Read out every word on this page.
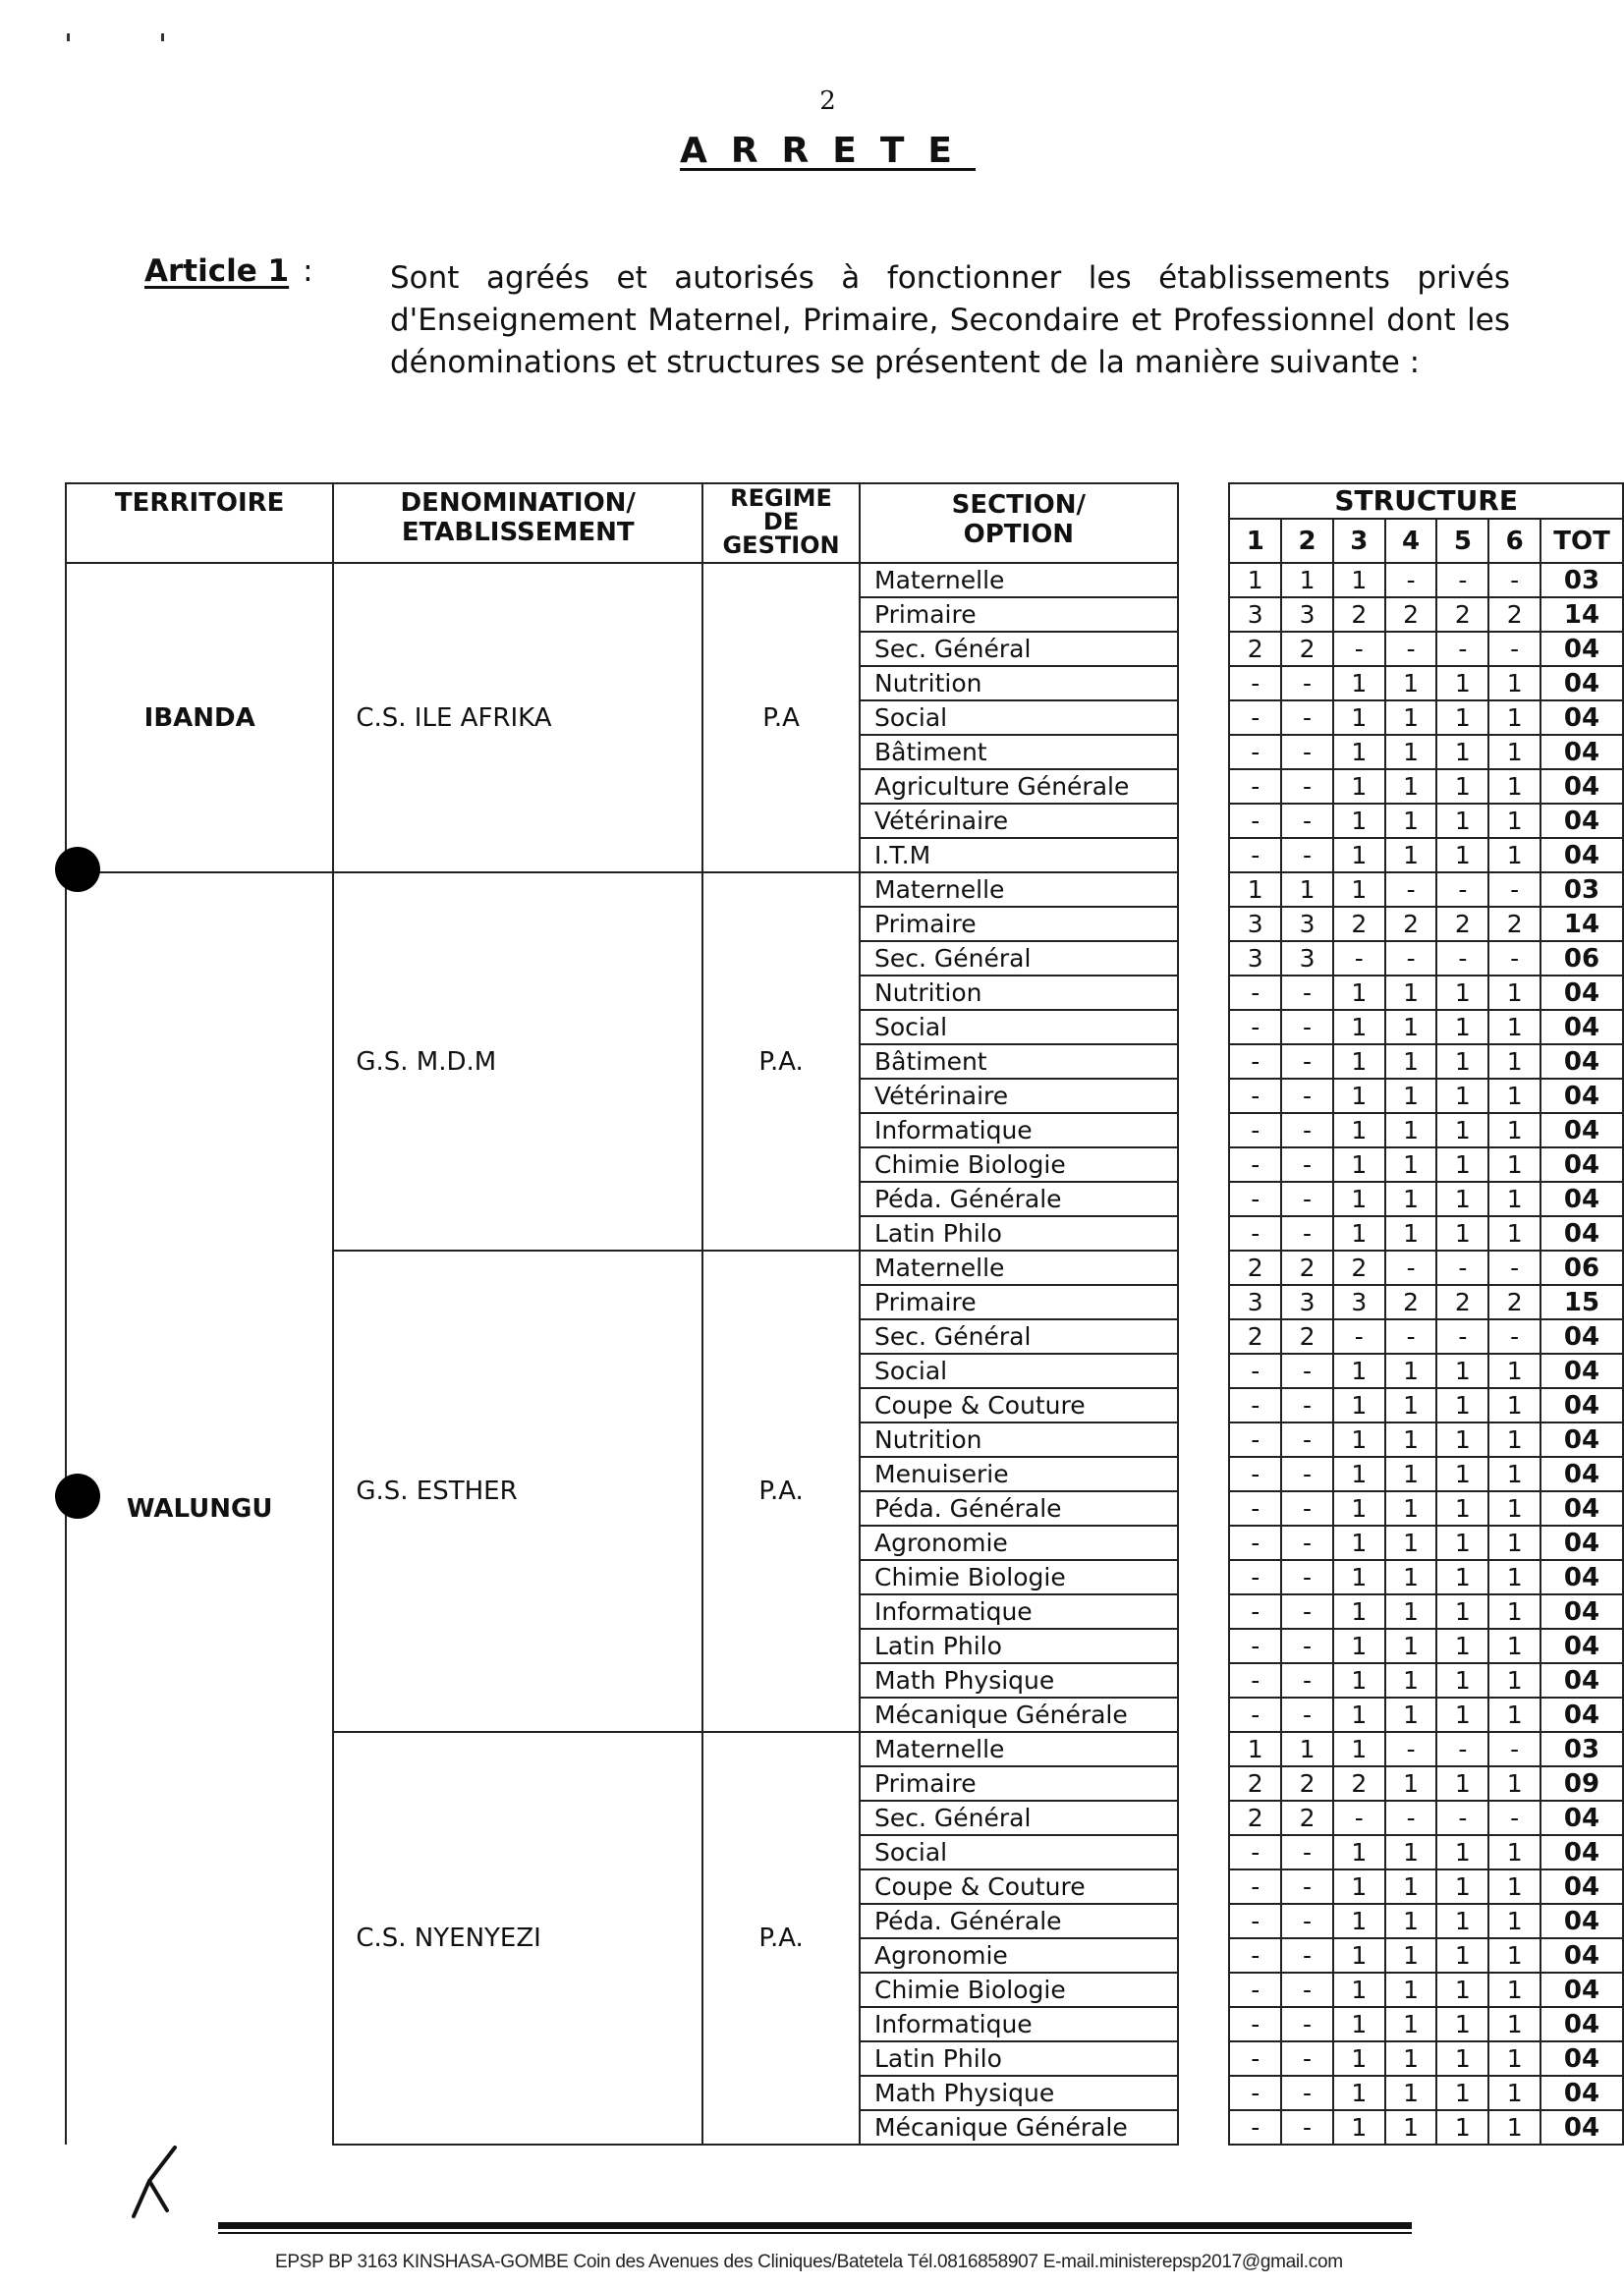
2
ARRETE
Article 1 :	Sont agréés et autorisés à fonctionner les établissements privés d'Enseignement Maternel, Primaire, Secondaire et Professionnel dont les dénominations et structures se présentent de la manière suivante :
TERRITOIRE	DENOMINATION/ ETABLISSEMENT	REGIME DE GESTION	SECTION/ OPTION		STRUCTURE						
					1	2	3	4	5	6	TOT
IBANDA	C.S. ILE AFRIKA	P.A	Maternelle		1	1	1	-	-	-	03
			Primaire		3	3	2	2	2	2	14
			Sec. Général		2	2	-	-	-	-	04
			Nutrition		-	-	1	1	1	1	04
			Social		-	-	1	1	1	1	04
			Bâtiment		-	-	1	1	1	1	04
			Agriculture Générale		-	-	1	1	1	1	04
			Vétérinaire		-	-	1	1	1	1	04
			I.T.M		-	-	1	1	1	1	04
WALUNGU	G.S. M.D.M	P.A.	Maternelle		1	1	1	-	-	-	03
			Primaire		3	3	2	2	2	2	14
			Sec. Général		3	3	-	-	-	-	06
			Nutrition		-	-	1	1	1	1	04
			Social		-	-	1	1	1	1	04
			Bâtiment		-	-	1	1	1	1	04
			Vétérinaire		-	-	1	1	1	1	04
			Informatique		-	-	1	1	1	1	04
			Chimie Biologie		-	-	1	1	1	1	04
			Péda. Générale		-	-	1	1	1	1	04
			Latin Philo		-	-	1	1	1	1	04
	G.S. ESTHER	P.A.	Maternelle		2	2	2	-	-	-	06
			Primaire		3	3	3	2	2	2	15
			Sec. Général		2	2	-	-	-	-	04
			Social		-	-	1	1	1	1	04
			Coupe & Couture		-	-	1	1	1	1	04
			Nutrition		-	-	1	1	1	1	04
			Menuiserie		-	-	1	1	1	1	04
			Péda. Générale		-	-	1	1	1	1	04
			Agronomie		-	-	1	1	1	1	04
			Chimie Biologie		-	-	1	1	1	1	04
			Informatique		-	-	1	1	1	1	04
			Latin Philo		-	-	1	1	1	1	04
			Math Physique		-	-	1	1	1	1	04
			Mécanique Générale		-	-	1	1	1	1	04
	C.S. NYENYEZI	P.A.	Maternelle		1	1	1	-	-	-	03
			Primaire		2	2	2	1	1	1	09
			Sec. Général		2	2	-	-	-	-	04
			Social		-	-	1	1	1	1	04
			Coupe & Couture		-	-	1	1	1	1	04
			Péda. Générale		-	-	1	1	1	1	04
			Agronomie		-	-	1	1	1	1	04
			Chimie Biologie		-	-	1	1	1	1	04
			Informatique		-	-	1	1	1	1	04
			Latin Philo		-	-	1	1	1	1	04
			Math Physique		-	-	1	1	1	1	04
			Mécanique Générale		-	-	1	1	1	1	04
EPSP BP 3163 KINSHASA-GOMBE Coin des Avenues des Cliniques/Batetela Tél.0816858907 E-mail.ministerepsp2017@gmail.com
